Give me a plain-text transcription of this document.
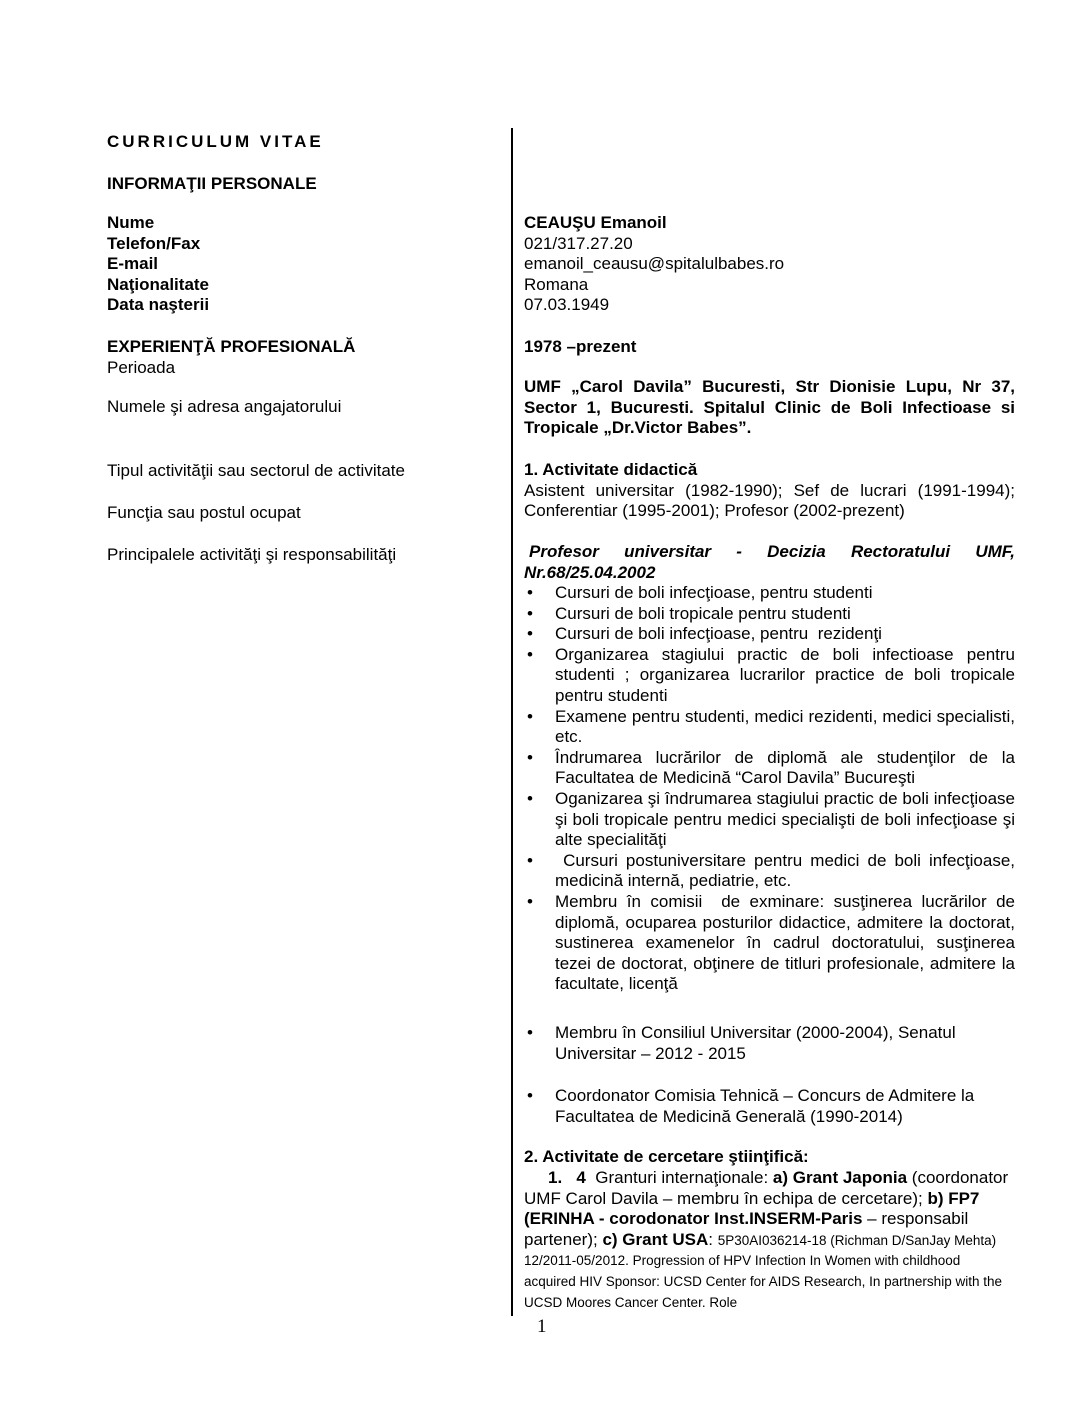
CURRICULUM VITAE
INFORMAŢII PERSONALE
Nume
Telefon/Fax
E-mail
Naţionalitate
Data naşterii
EXPERIENŢĂ PROFESIONALĂ
Perioada
Numele şi adresa angajatorului
Tipul activităţii sau sectorul de activitate
Funcţia sau postul ocupat
Principalele activităţi şi responsabilităţi
CEAUŞU Emanoil
021/317.27.20
emanoil_ceausu@spitalulbabes.ro
Romana
07.03.1949
1978 –prezent
UMF „Carol Davila” Bucuresti, Str Dionisie Lupu, Nr 37, Sector 1, Bucuresti. Spitalul Clinic de Boli Infectioase si Tropicale „Dr.Victor Babes”.
1. Activitate didactică
Asistent universitar (1982-1990); Sef de lucrari (1991-1994); Conferentiar (1995-2001); Profesor (2002-prezent)
Profesor universitar - Decizia Rectoratului UMF, Nr.68/25.04.2002
•
Cursuri de boli infecţioase, pentru studenti
•
Cursuri de boli tropicale pentru studenti
•
Cursuri de boli infecţioase, pentru  rezidenţi
•
Organizarea stagiului practic de boli infectioase pentru studenti ; organizarea lucrarilor practice de boli tropicale pentru studenti
•
Examene pentru studenti, medici rezidenti, medici specialisti, etc.
•
Îndrumarea lucrărilor de diplomă ale studenţilor de la Facultatea de Medicină “Carol Davila” Bucureşti
•
Oganizarea şi îndrumarea stagiului practic de boli infecţioase şi boli tropicale pentru medici specialişti de boli infecţioase şi alte specialităţi
•
Cursuri postuniversitare pentru medici de boli infecţioase, medicină internă, pediatrie, etc.
•
Membru în comisii  de exminare: susţinerea lucrărilor de diplomă, ocuparea posturilor didactice, admitere la doctorat, sustinerea examenelor în cadrul doctoratului, susţinerea tezei de doctorat, obţinere de titluri profesionale, admitere la facultate, licenţă
•
Membru în Consiliul Universitar (2000-2004), Senatul Universitar – 2012 - 2015
•
Coordonator Comisia Tehnică – Concurs de Admitere la Facultatea de Medicină Generală (1990-2014)
2. Activitate de cercetare ştiinţifică:

1.   4  Granturi internaţionale: a) Grant Japonia (coordonator UMF Carol Davila – membru în echipa de cercetare); b) FP7 (ERINHA - corodonator Inst.INSERM-Paris – responsabil partener); c) Grant USA: 5P30AI036214-18 (Richman D/SanJay Mehta) 12/2011-05/2012. Progression of HPV Infection In Women with childhood acquired HIV Sponsor: UCSD Center for AIDS Research, In partnership with the UCSD Moores Cancer Center. Role

1
